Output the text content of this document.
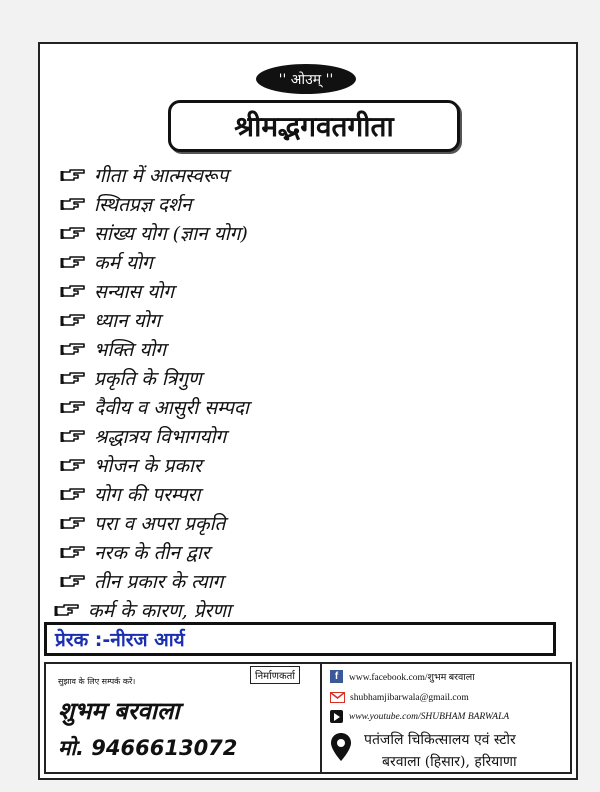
'' ओउम् ''
श्रीमद्भगवतगीता
गीता में आत्मस्वरूप
स्थितप्रज्ञ दर्शन
सांख्य योग (ज्ञान योग)
कर्म योग
सन्यास योग
ध्यान योग
भक्ति योग
प्रकृति के त्रिगुण
दैवीय व आसुरी सम्पदा
श्रद्धात्रय विभागयोग
भोजन के प्रकार
योग की परम्परा
परा व अपरा प्रकृति
नरक के तीन द्वार
तीन प्रकार के त्याग
कर्म के कारण, प्रेरणा
प्रेरक :-नीरज आर्य
सुझाव के लिए सम्पर्क करें।	निर्माणकर्ता
शुभम बरवाला
मो. 9466613072
f	www.facebook.com/शुभम बरवाला
shubhamjibarwala@gmail.com
www.youtube.com/SHUBHAM BARWALA
पतंजलि चिकित्सालय एवं स्टोर
बरवाला (हिसार), हरियाणा
